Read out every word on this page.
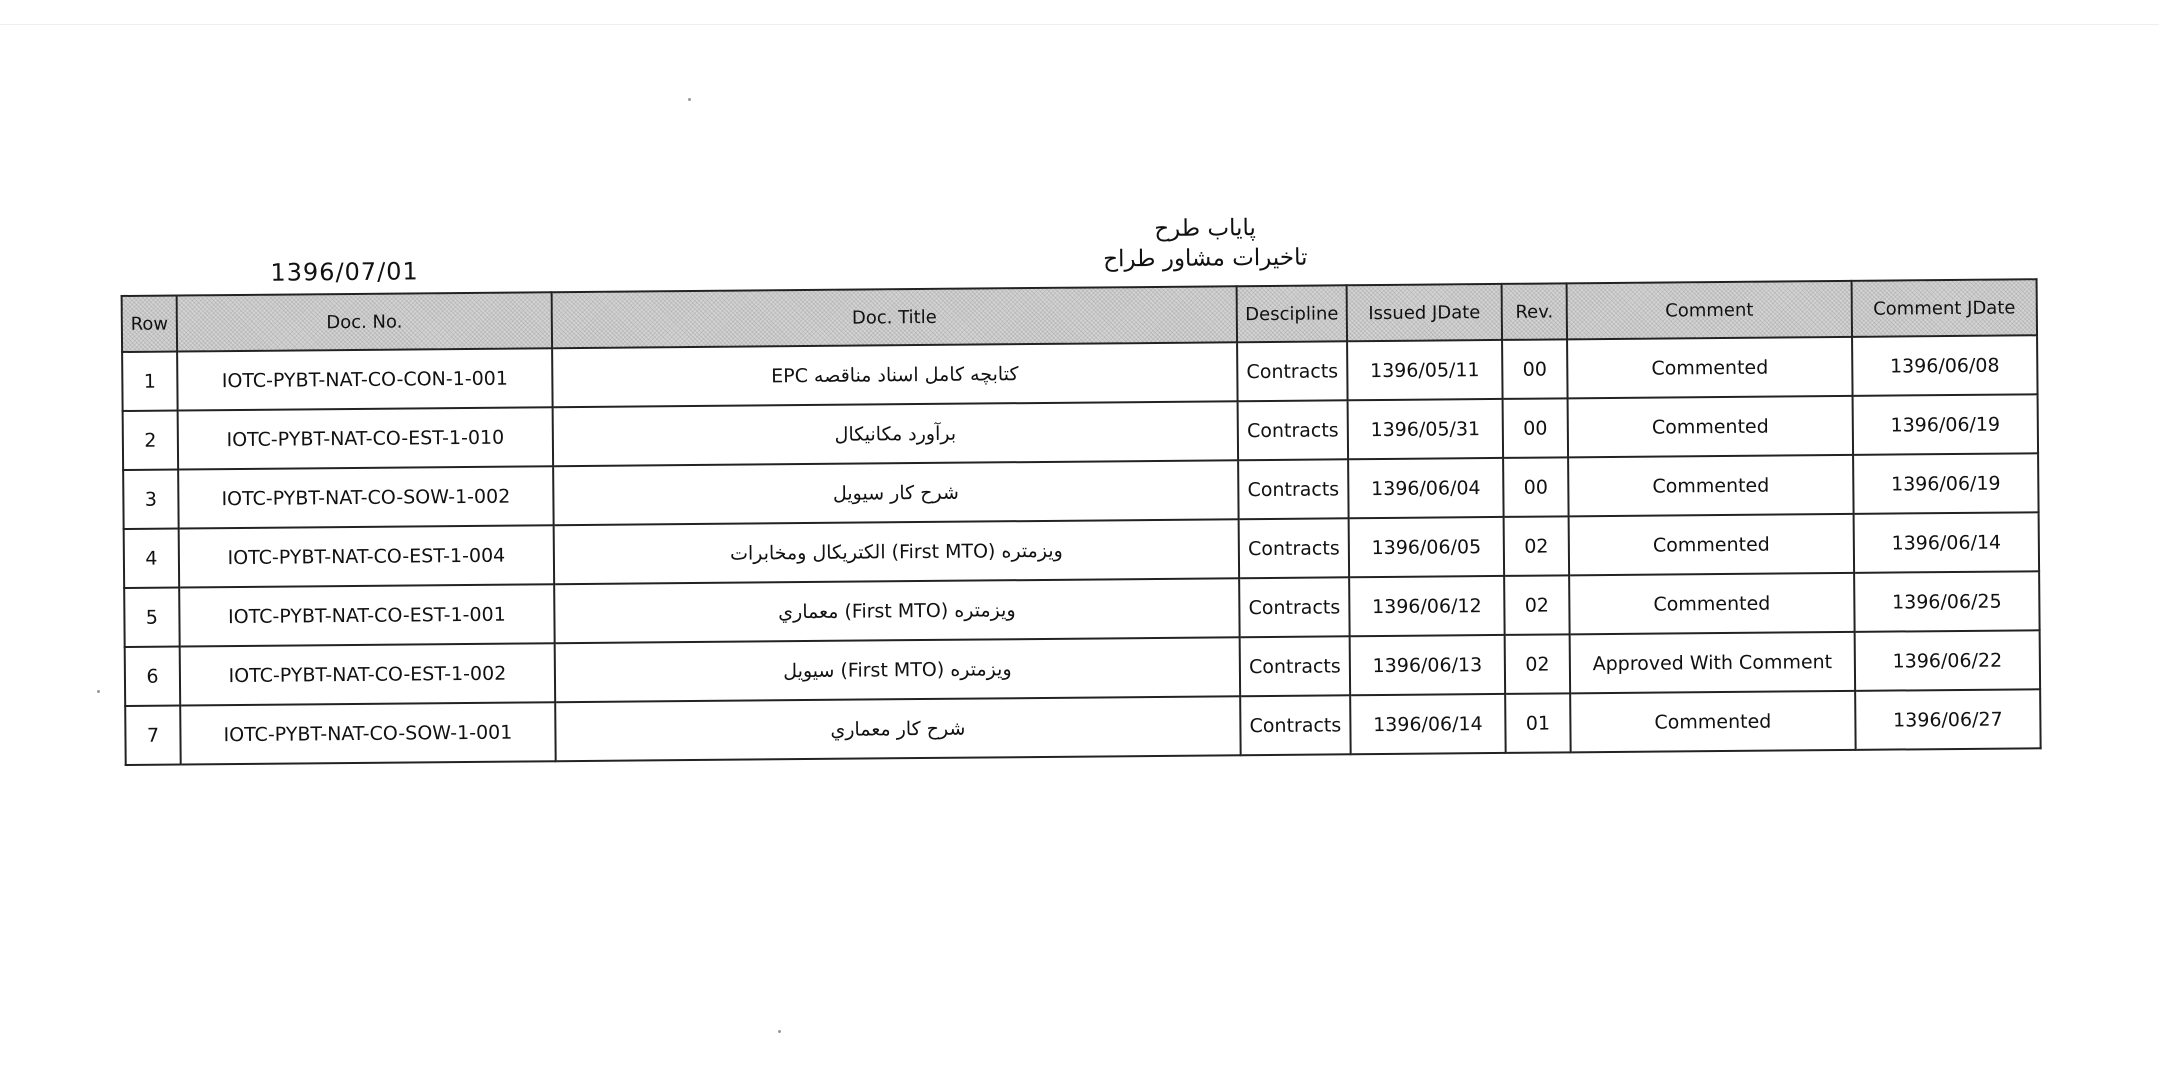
پایاب طرح
تاخیرات مشاور طراح
1396/07/01
Row	Doc. No.	Doc. Title	Descipline	Issued JDate	Rev.	Comment	Comment JDate
1	IOTC-PYBT-NAT-CO-CON-1-001	کتابچه کامل اسناد مناقصه EPC	Contracts	1396/05/11	00	Commented	1396/06/08
2	IOTC-PYBT-NAT-CO-EST-1-010	برآورد مکانیکال	Contracts	1396/05/31	00	Commented	1396/06/19
3	IOTC-PYBT-NAT-CO-SOW-1-002	شرح کار سیویل	Contracts	1396/06/04	00	Commented	1396/06/19
4	IOTC-PYBT-NAT-CO-EST-1-004	ویزمتره (First MTO) الکتریکال ومخابرات	Contracts	1396/06/05	02	Commented	1396/06/14
5	IOTC-PYBT-NAT-CO-EST-1-001	ویزمتره (First MTO) معماري	Contracts	1396/06/12	02	Commented	1396/06/25
6	IOTC-PYBT-NAT-CO-EST-1-002	ویزمتره (First MTO) سیویل	Contracts	1396/06/13	02	Approved With Comment	1396/06/22
7	IOTC-PYBT-NAT-CO-SOW-1-001	شرح کار معماري	Contracts	1396/06/14	01	Commented	1396/06/27
